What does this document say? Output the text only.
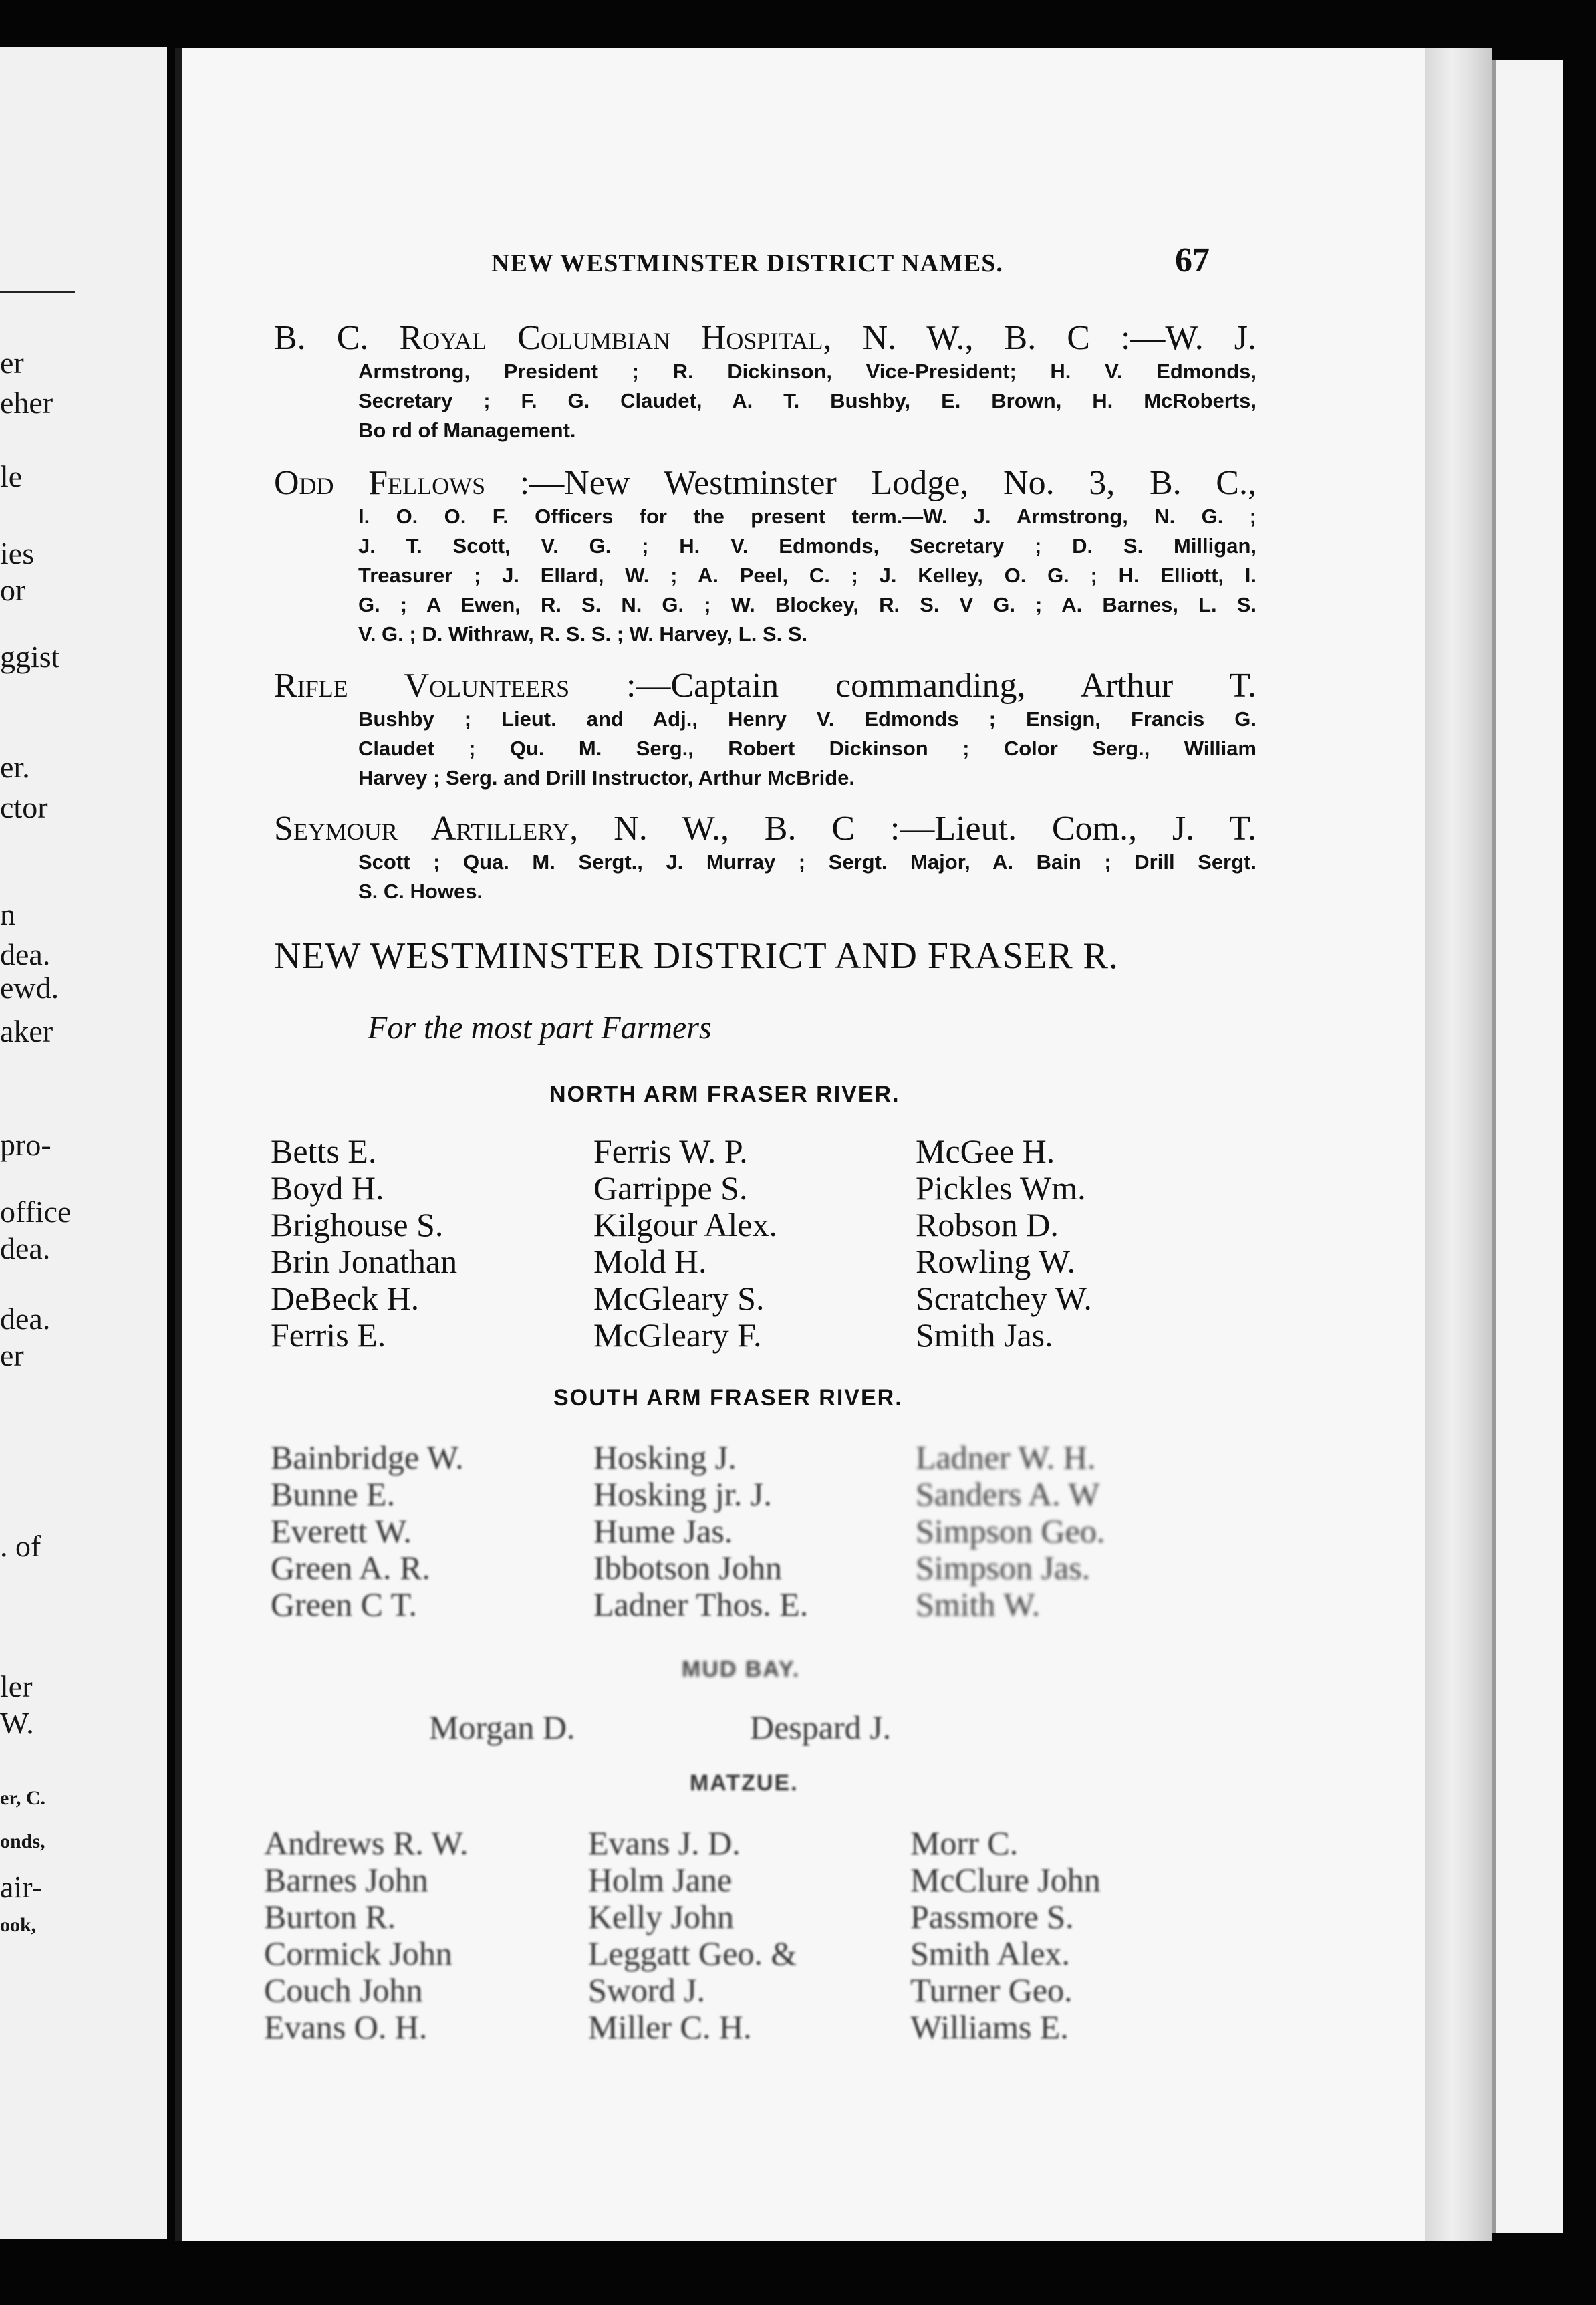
er
eher
le
ies
or
ggist
er.
ctor
n
dea.
ewd.
aker
pro-
office
dea.
dea.
er
. of
ler
W.
er, C.
onds,
air-
ook,
NEW WESTMINSTER DISTRICT NAMES.	67
B. C. Royal Columbian Hospital, N. W., B. C :—W. J.
Armstrong, President ; R. Dickinson, Vice-President; H. V. Edmonds,
Secretary ; F. G. Claudet, A. T. Bushby, E. Brown, H. McRoberts,
Bo rd of Management.
Odd Fellows :—New Westminster Lodge, No. 3, B. C.,
I. O. O. F. Officers for the present term.—W. J. Armstrong, N. G. ;
J. T. Scott, V. G. ; H. V. Edmonds, Secretary ; D. S. Milligan,
Treasurer ; J. Ellard, W. ; A. Peel, C. ; J. Kelley, O. G. ; H. Elliott, I.
G. ; A Ewen, R. S. N. G. ; W. Blockey, R. S. V G. ; A. Barnes, L. S.
V. G. ; D. Withraw, R. S. S. ; W. Harvey, L. S. S.
Rifle Volunteers :—Captain commanding, Arthur T.
Bushby ; Lieut. and Adj., Henry V. Edmonds ; Ensign, Francis G.
Claudet ; Qu. M. Serg., Robert Dickinson ; Color Serg., William
Harvey ; Serg. and Drill Instructor, Arthur McBride.
Seymour Artillery, N. W., B. C :—Lieut. Com., J. T.
Scott ; Qua. M. Sergt., J. Murray ; Sergt. Major, A. Bain ; Drill Sergt.
S. C. Howes.
NEW WESTMINSTER DISTRICT AND FRASER R.
For the most part Farmers
NORTH ARM FRASER RIVER.
Betts E.
Boyd H.
Brighouse S.
Brin Jonathan
DeBeck H.
Ferris E.
Ferris W. P.
Garrippe S.
Kilgour Alex.
Mold H.
McGleary S.
McGleary F.
McGee H.
Pickles Wm.
Robson D.
Rowling W.
Scratchey W.
Smith Jas.
SOUTH ARM FRASER RIVER.
Bainbridge W.
Bunne E.
Everett W.
Green A. R.
Green C T.
Hosking J.
Hosking jr. J.
Hume Jas.
Ibbotson John
Ladner Thos. E.
Ladner W. H.
Sanders A. W
Simpson Geo.
Simpson Jas.
Smith W.
MUD BAY.
Morgan D.	Despard J.
MATZUE.
Andrews R. W.
Barnes John
Burton R.
Cormick John
Couch John
Evans O. H.
Evans J. D.
Holm Jane
Kelly John
Leggatt Geo. &
Sword J.
Miller C. H.
Morr C.
McClure John
Passmore S.
Smith Alex.
Turner Geo.
Williams E.
